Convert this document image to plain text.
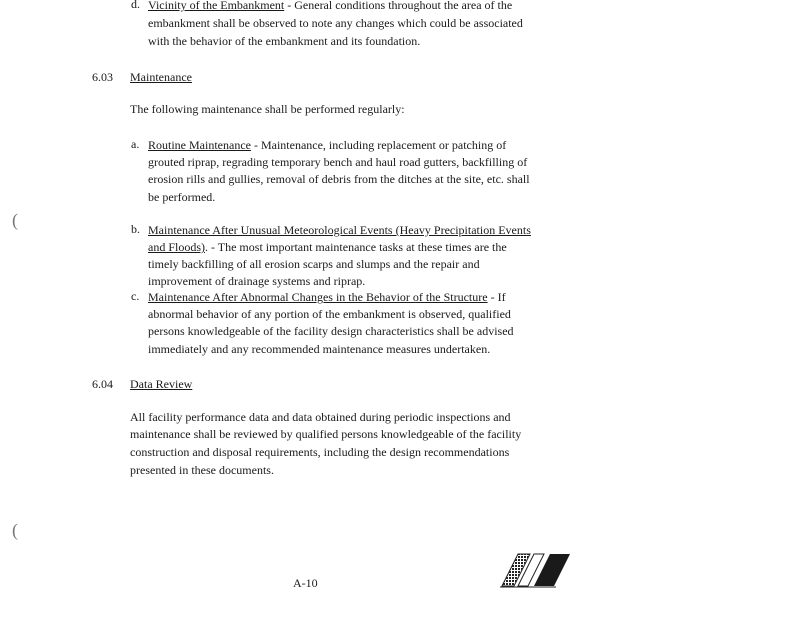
(
(
d. Vicinity of the Embankment - General conditions throughout the area of the
embankment shall be observed to note any changes which could be associated
with the behavior of the embankment and its foundation.
6.03 Maintenance
The following maintenance shall be performed regularly:
a. Routine Maintenance - Maintenance, including replacement or patching of
grouted riprap, regrading temporary bench and haul road gutters, backfilling of
erosion rills and gullies, removal of debris from the ditches at the site, etc. shall
be performed.
b. Maintenance After Unusual Meteorological Events (Heavy Precipitation Events
and Floods). - The most important maintenance tasks at these times are the
timely backfilling of all erosion scarps and slumps and the repair and
improvement of drainage systems and riprap.
c. Maintenance After Abnormal Changes in the Behavior of the Structure - If
abnormal behavior of any portion of the embankment is observed, qualified
persons knowledgeable of the facility design characteristics shall be advised
immediately and any recommended maintenance measures undertaken.
6.04 Data Review
All facility performance data and data obtained during periodic inspections and
maintenance shall be reviewed by qualified persons knowledgeable of the facility
construction and disposal requirements, including the design recommendations
presented in these documents.
A-10
